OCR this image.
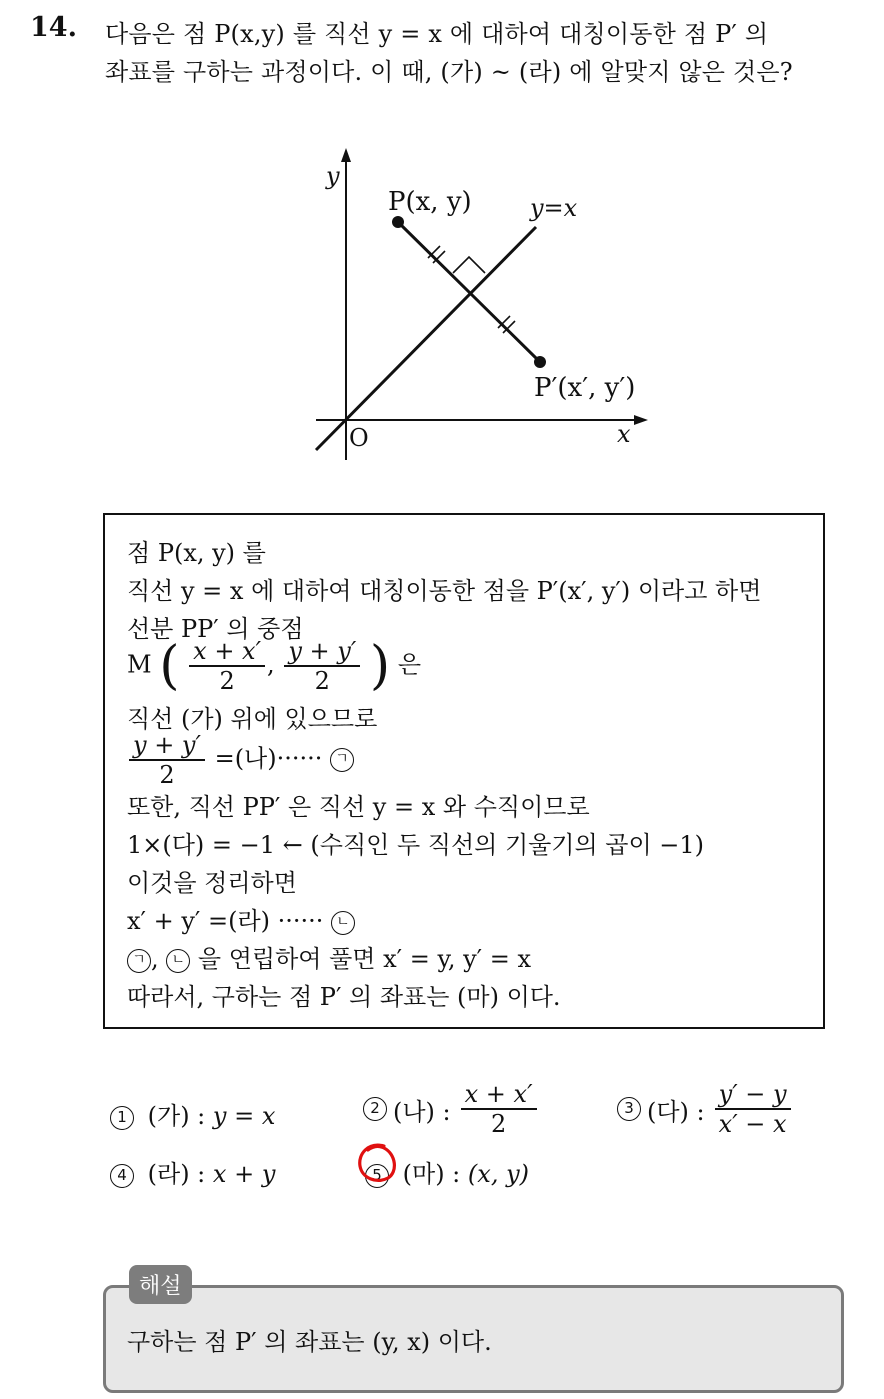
14. 다음은 점 P(x,y) 를 직선 y = x 에 대하여 대칭이동한 점 P′ 의
좌표를 구하는 과정이다. 이 때, (가) ~ (라) 에 알맞지 않은 것은?
y
x
O
P(x, y)
P′(x′, y′)
y=x
점 P(x, y) 를
직선 y = x 에 대하여 대칭이동한 점을 P′(x′, y′) 이라고 하면
선분 PP′ 의 중점
M ( $\frac{x + x'}{2}$ , $\frac{y + y'}{2}$ ) 은
직선 (가) 위에 있으므로
$\frac{y + y'}{2}$ =(나)······ ㄱ
또한, 직선 PP′ 은 직선 y = x 와 수직이므로
1×(다) = −1 ← (수직인 두 직선의 기울기의 곱이 −1)
이것을 정리하면
x′ + y′ =(라) ······ ㄴ
ㄱ , ㄴ 을 연립하여 풀면 x′ = y, y′ = x
따라서, 구하는 점 P′ 의 좌표는 (마) 이다.
1 (가) : y = x	2 (나) : $\frac{x + x'}{2}$	3 (다) : $\frac{y' - y}{x' - x}$
4 (라) : x + y	5 (마) : (x, y)
해설
구하는 점 P′ 의 좌표는 (y, x) 이다.
